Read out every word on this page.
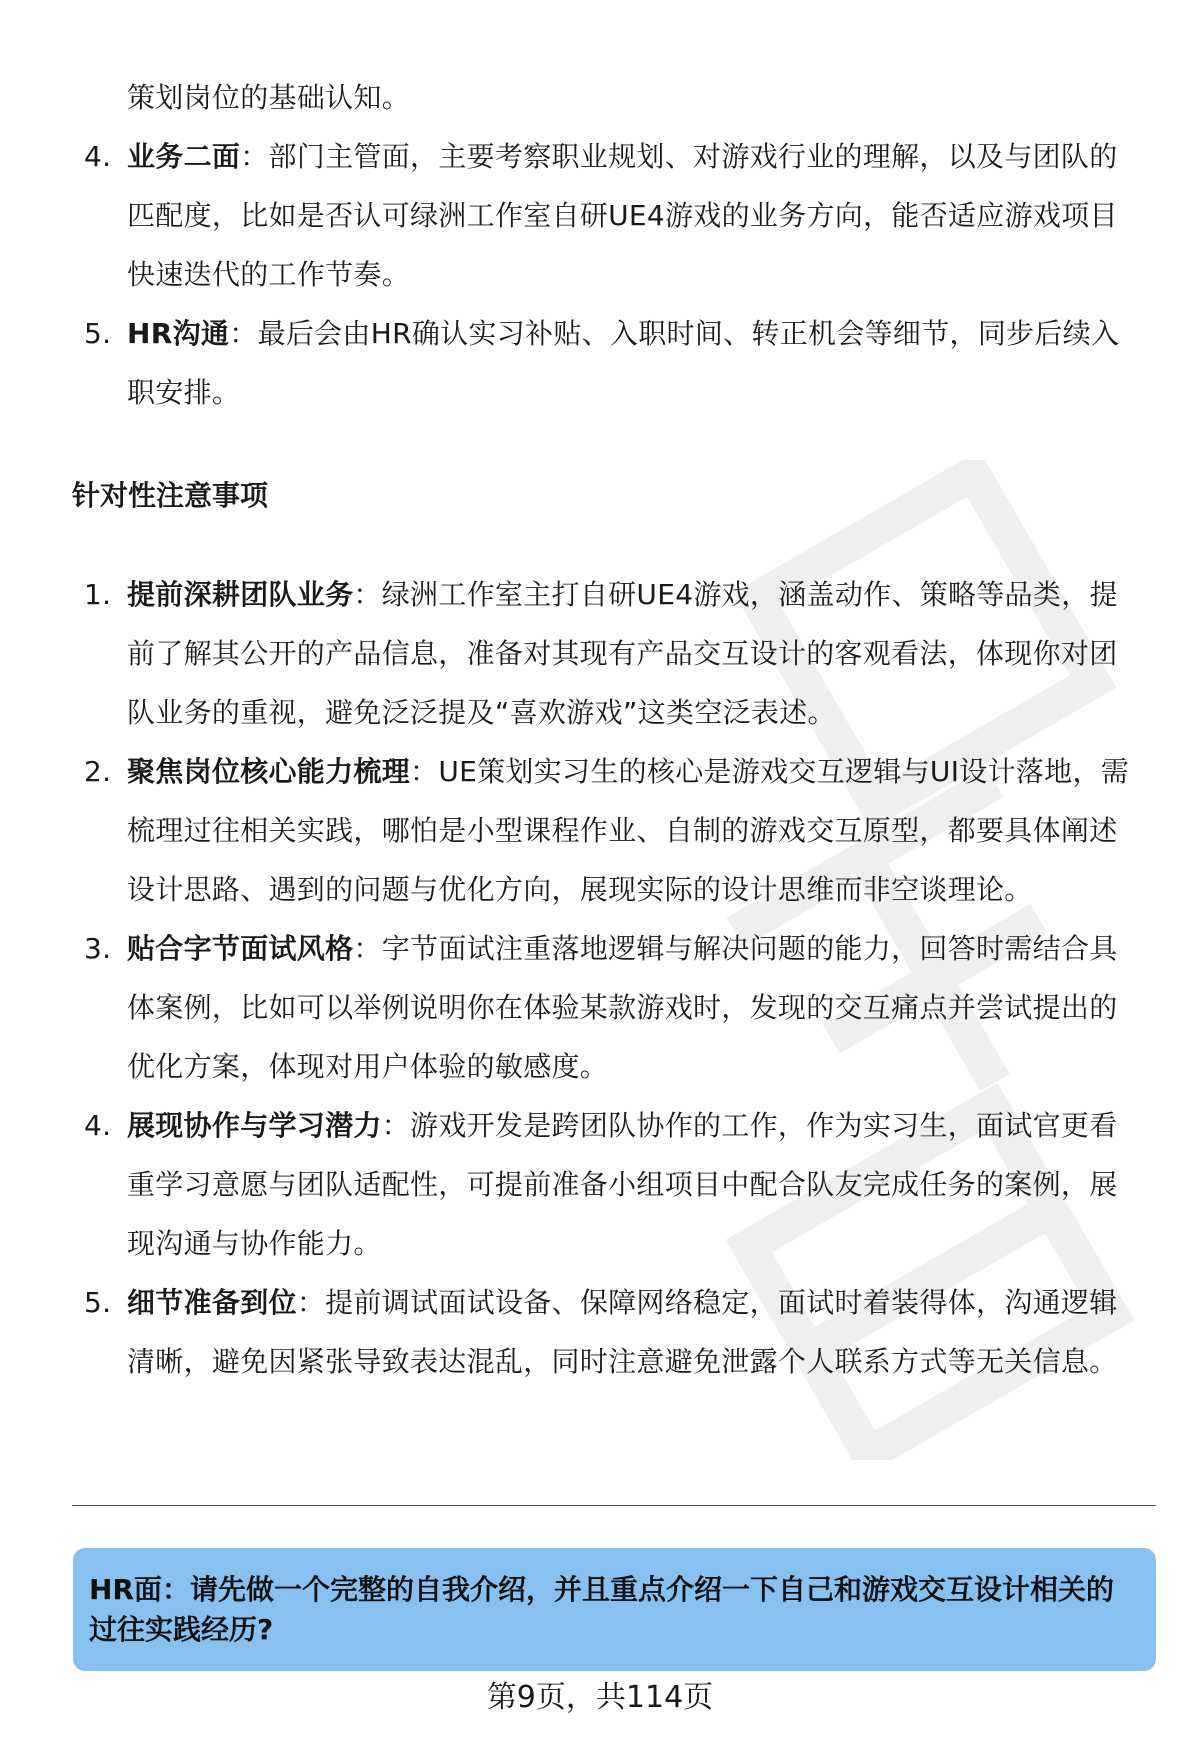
策划岗位的基础认知。
4. 业务二面：部门主管面，主要考察职业规划、对游戏行业的理解，以及与团队的匹配度，比如是否认可绿洲工作室自研UE4游戏的业务方向，能否适应游戏项目快速迭代的工作节奏。
5. HR沟通：最后会由HR确认实习补贴、入职时间、转正机会等细节，同步后续入职安排。
针对性注意事项
1. 提前深耕团队业务：绿洲工作室主打自研UE4游戏，涵盖动作、策略等品类，提前了解其公开的产品信息，准备对其现有产品交互设计的客观看法，体现你对团队业务的重视，避免泛泛提及“喜欢游戏”这类空泛表述。
2. 聚焦岗位核心能力梳理：UE策划实习生的核心是游戏交互逻辑与UI设计落地，需梳理过往相关实践，哪怕是小型课程作业、自制的游戏交互原型，都要具体阐述设计思路、遇到的问题与优化方向，展现实际的设计思维而非空谈理论。
3. 贴合字节面试风格：字节面试注重落地逻辑与解决问题的能力，回答时需结合具体案例，比如可以举例说明你在体验某款游戏时，发现的交互痛点并尝试提出的优化方案，体现对用户体验的敏感度。
4. 展现协作与学习潜力：游戏开发是跨团队协作的工作，作为实习生，面试官更看重学习意愿与团队适配性，可提前准备小组项目中配合队友完成任务的案例，展现沟通与协作能力。
5. 细节准备到位：提前调试面试设备、保障网络稳定，面试时着装得体，沟通逻辑清晰，避免因紧张导致表达混乱，同时注意避免泄露个人联系方式等无关信息。
HR面：请先做一个完整的自我介绍，并且重点介绍一下自己和游戏交互设计相关的过往实践经历?
第9页，共114页
